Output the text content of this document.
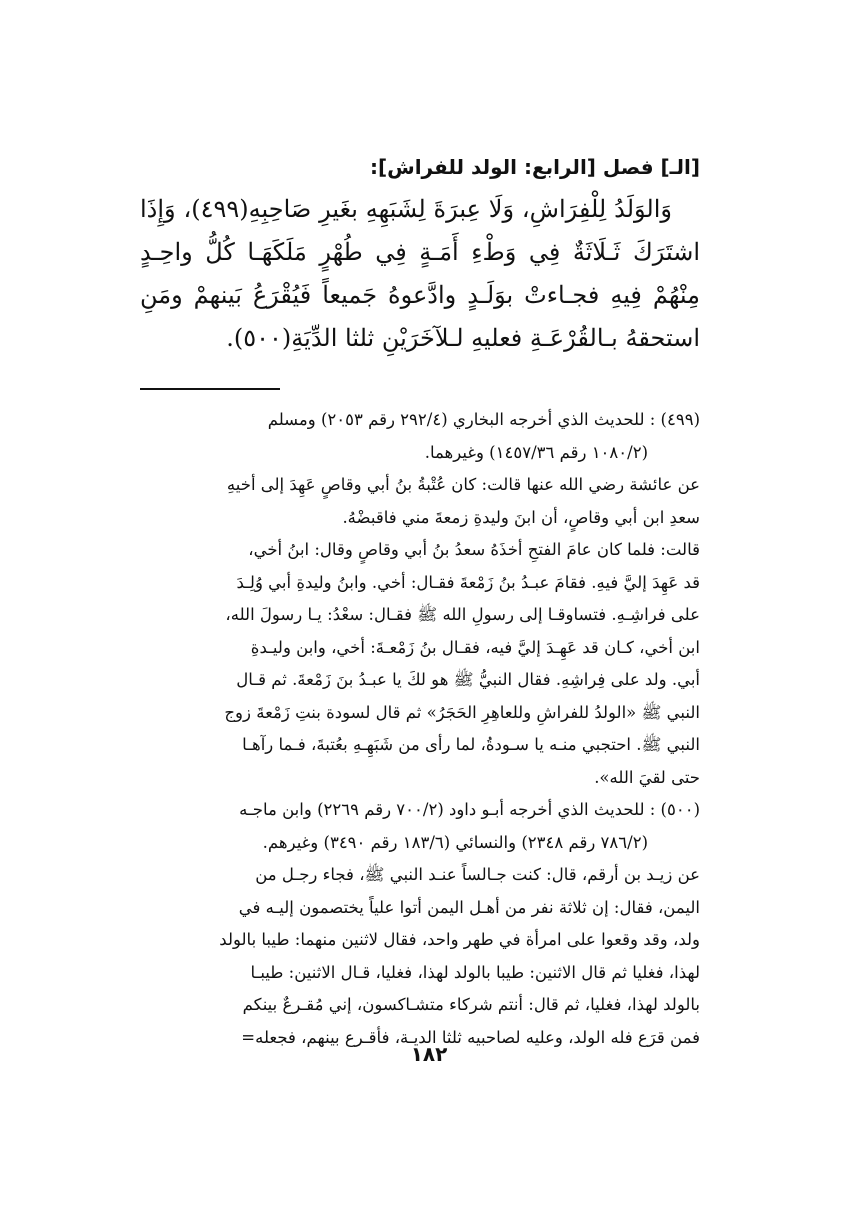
[الـ] فصل [الرابع: الولد للفراش]:

وَالوَلَدُ لِلْفِرَاشِ، وَلَا عِبرَةَ لِشَبَهِهِ بغَيرِ صَاحِبِهِ(٤٩٩)، وَإِذَا اشتَرَكَ ثَـلَاثَةٌ فِي وَطْءِ أَمَـةٍ فِي طُهْرٍ مَلَكَهَـا كُلُّ واحِـدٍ مِنْهُمْ فِيهِ فجـاءتْ بوَلَـدٍ وادَّعوهُ جَميعاً فَيُقْرَعُ بَينهمْ ومَنِ استحقهُ بـالقُرْعَـةِ فعليهِ لـلآخَرَيْنِ ثلثا الدِّيَةِ(٥٠٠).

(٤٩٩) : للحديث الذي أخرجه البخاري (٢٩٢/٤ رقم ٢٠٥٣) ومسلم

(١٠٨٠/٢ رقم ١٤٥٧/٣٦) وغيرهما.

عن عائشة رضي الله عنها قالت: كان عُتْبةُ بنُ أبي وقاصٍ عَهِدَ إلى أخيهِ

سعدِ ابن أبي وقاصٍ، أن ابنَ وليدةِ زمعةَ مني فاقبضْهُ.

قالت: فلما كان عامَ الفتحِ أخذَهُ سعدُ بنُ أبي وقاصٍ وقال: ابنُ أخي،

قد عَهِدَ إليَّ فيهِ. فقامَ عبـدُ بنُ زَمْعةَ فقـال: أخي. وابنُ وليدةِ أبي وُلِـدَ

على فراشِـهِ. فتساوقـا إلى رسولِ الله ﷺ فقـال: سعْدُ: يـا رسولَ الله،

ابن أخي، كـان قد عَهِـدَ إليَّ فيه، فقـال بنُ زَمْعـةَ: أخي، وابن وليـدةِ

أبي. ولد على فِراشِهِ. فقال النبيُّ ﷺ هو لكَ يا عبـدُ بنَ زَمْعةَ. ثم قـال

النبي ﷺ «الولدُ للفراشِ وللعاهِرِ الحَجَرُ» ثم قال لسودة بنتِ زَمْعةَ زوج

النبي ﷺ. احتجبي منـه يا سـودةُ، لما رأى من شَبَهِـهِ بعُتبةَ، فـما رآهـا

حتى لقيَ الله».

(٥٠٠) : للحديث الذي أخرجه أبـو داود (٧٠٠/٢ رقم ٢٢٦٩) وابن ماجـه

(٧٨٦/٢ رقم ٢٣٤٨) والنسائي (١٨٣/٦ رقم ٣٤٩٠) وغيرهم.

عن زيـد بن أرقم، قال: كنت جـالساً عنـد النبي ﷺ، فجاء رجـل من

اليمن، فقال: إن ثلاثة نفر من أهـل اليمن أتوا علياً يختصمون إليـه في

ولد، وقد وقعوا على امرأة في طهر واحد، فقال لاثنين منهما: طيبا بالولد

لهذا، فغليا ثم قال الاثنين: طيبا بالولد لهذا، فغليا، قـال الاثنين: طيبـا

بالولد لهذا، فغليا، ثم قال: أنتم شركاء متشـاكسون، إني مُقـرعٌ بينكم

فمن قرَع فله الولد، وعليه لصاحبيه ثلثا الديـة، فأقـرع بينهم، فجعله=

١٨٢
